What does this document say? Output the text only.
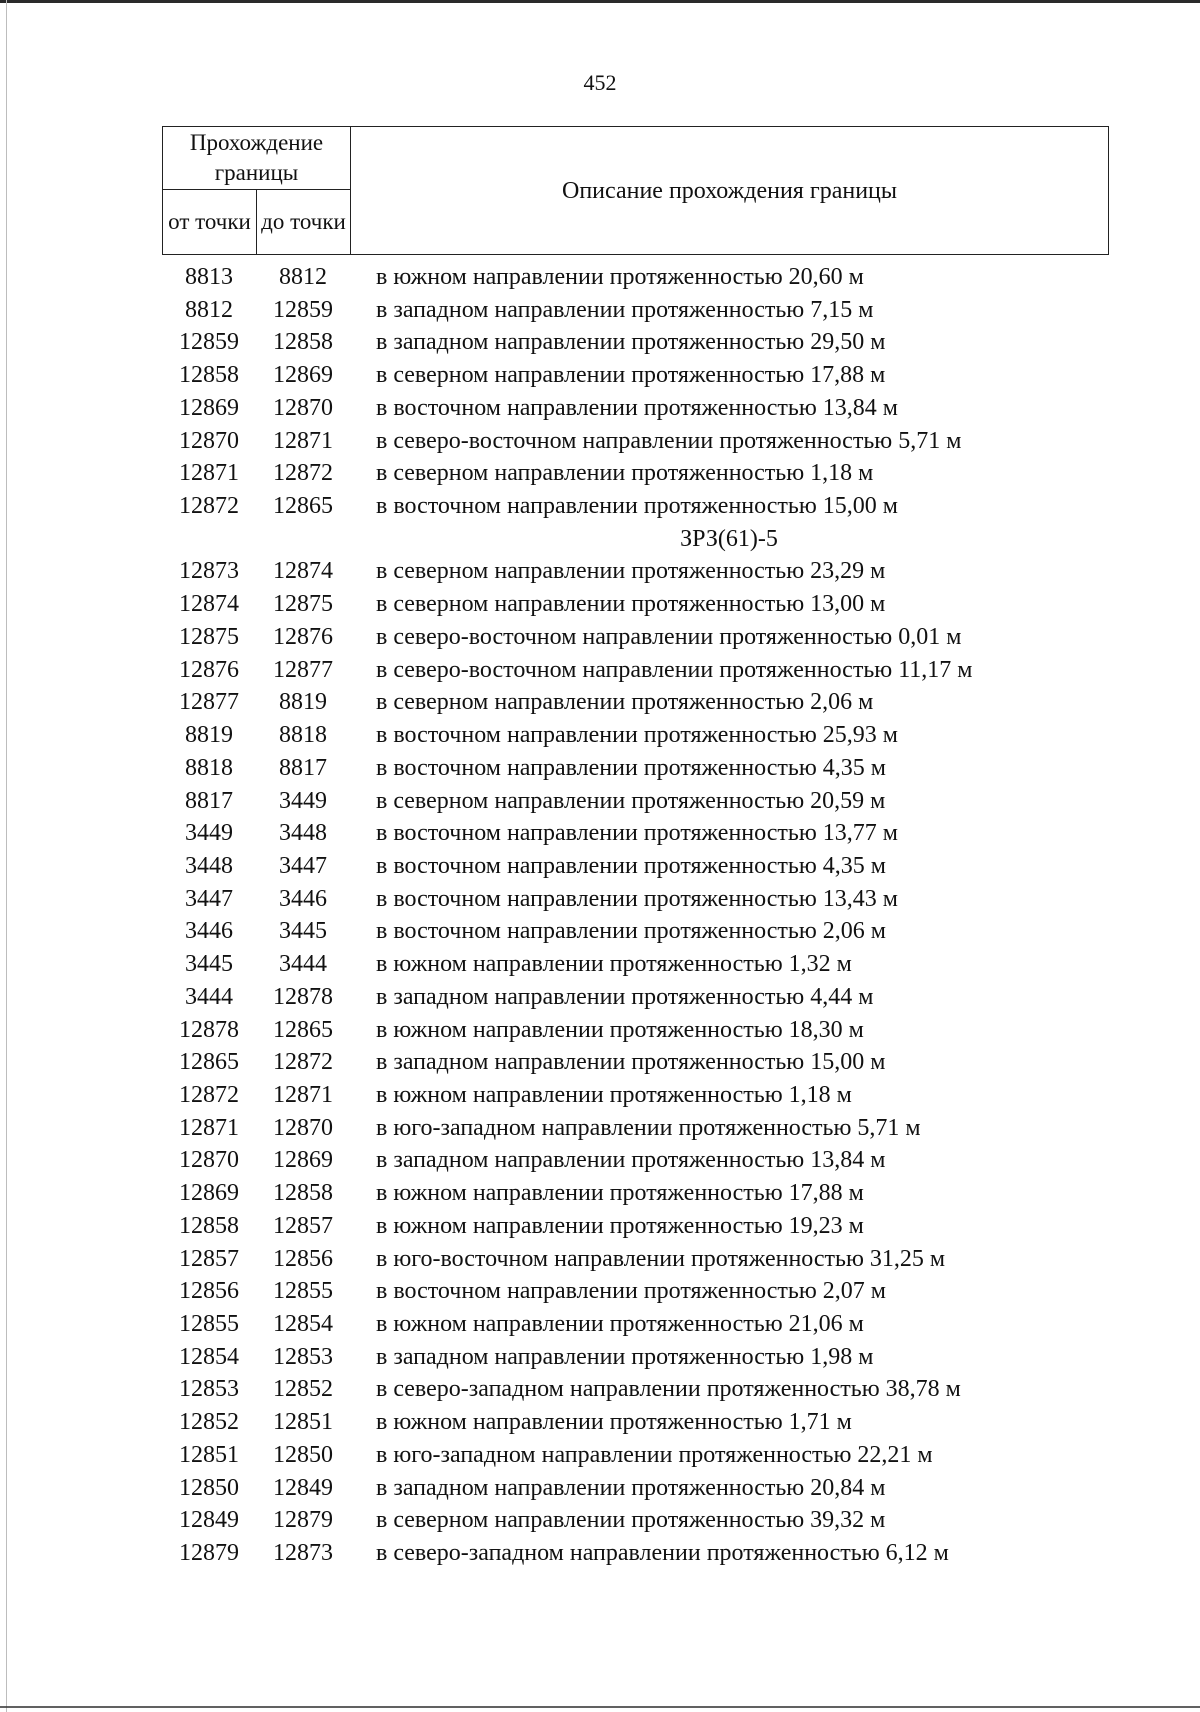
452
Прохождение границы		Описание прохождения границы
от точки	до точки	
8813	8812	в южном направлении протяженностью 20,60 м
8812	12859	в западном направлении протяженностью 7,15 м
12859	12858	в западном направлении протяженностью 29,50 м
12858	12869	в северном направлении протяженностью 17,88 м
12869	12870	в восточном направлении протяженностью 13,84 м
12870	12871	в северо-восточном направлении протяженностью 5,71 м
12871	12872	в северном направлении протяженностью 1,18 м
12872	12865	в восточном направлении протяженностью 15,00 м
ЗРЗ(61)-5
12873	12874	в северном направлении протяженностью 23,29 м
12874	12875	в северном направлении протяженностью 13,00 м
12875	12876	в северо-восточном направлении протяженностью 0,01 м
12876	12877	в северо-восточном направлении протяженностью 11,17 м
12877	8819	в северном направлении протяженностью 2,06 м
8819	8818	в восточном направлении протяженностью 25,93 м
8818	8817	в восточном направлении протяженностью 4,35 м
8817	3449	в северном направлении протяженностью 20,59 м
3449	3448	в восточном направлении протяженностью 13,77 м
3448	3447	в восточном направлении протяженностью 4,35 м
3447	3446	в восточном направлении протяженностью 13,43 м
3446	3445	в восточном направлении протяженностью 2,06 м
3445	3444	в южном направлении протяженностью 1,32 м
3444	12878	в западном направлении протяженностью 4,44 м
12878	12865	в южном направлении протяженностью 18,30 м
12865	12872	в западном направлении протяженностью 15,00 м
12872	12871	в южном направлении протяженностью 1,18 м
12871	12870	в юго-западном направлении протяженностью 5,71 м
12870	12869	в западном направлении протяженностью 13,84 м
12869	12858	в южном направлении протяженностью 17,88 м
12858	12857	в южном направлении протяженностью 19,23 м
12857	12856	в юго-восточном направлении протяженностью 31,25 м
12856	12855	в восточном направлении протяженностью 2,07 м
12855	12854	в южном направлении протяженностью 21,06 м
12854	12853	в западном направлении протяженностью 1,98 м
12853	12852	в северо-западном направлении протяженностью 38,78 м
12852	12851	в южном направлении протяженностью 1,71 м
12851	12850	в юго-западном направлении протяженностью 22,21 м
12850	12849	в западном направлении протяженностью 20,84 м
12849	12879	в северном направлении протяженностью 39,32 м
12879	12873	в северо-западном направлении протяженностью 6,12 м
